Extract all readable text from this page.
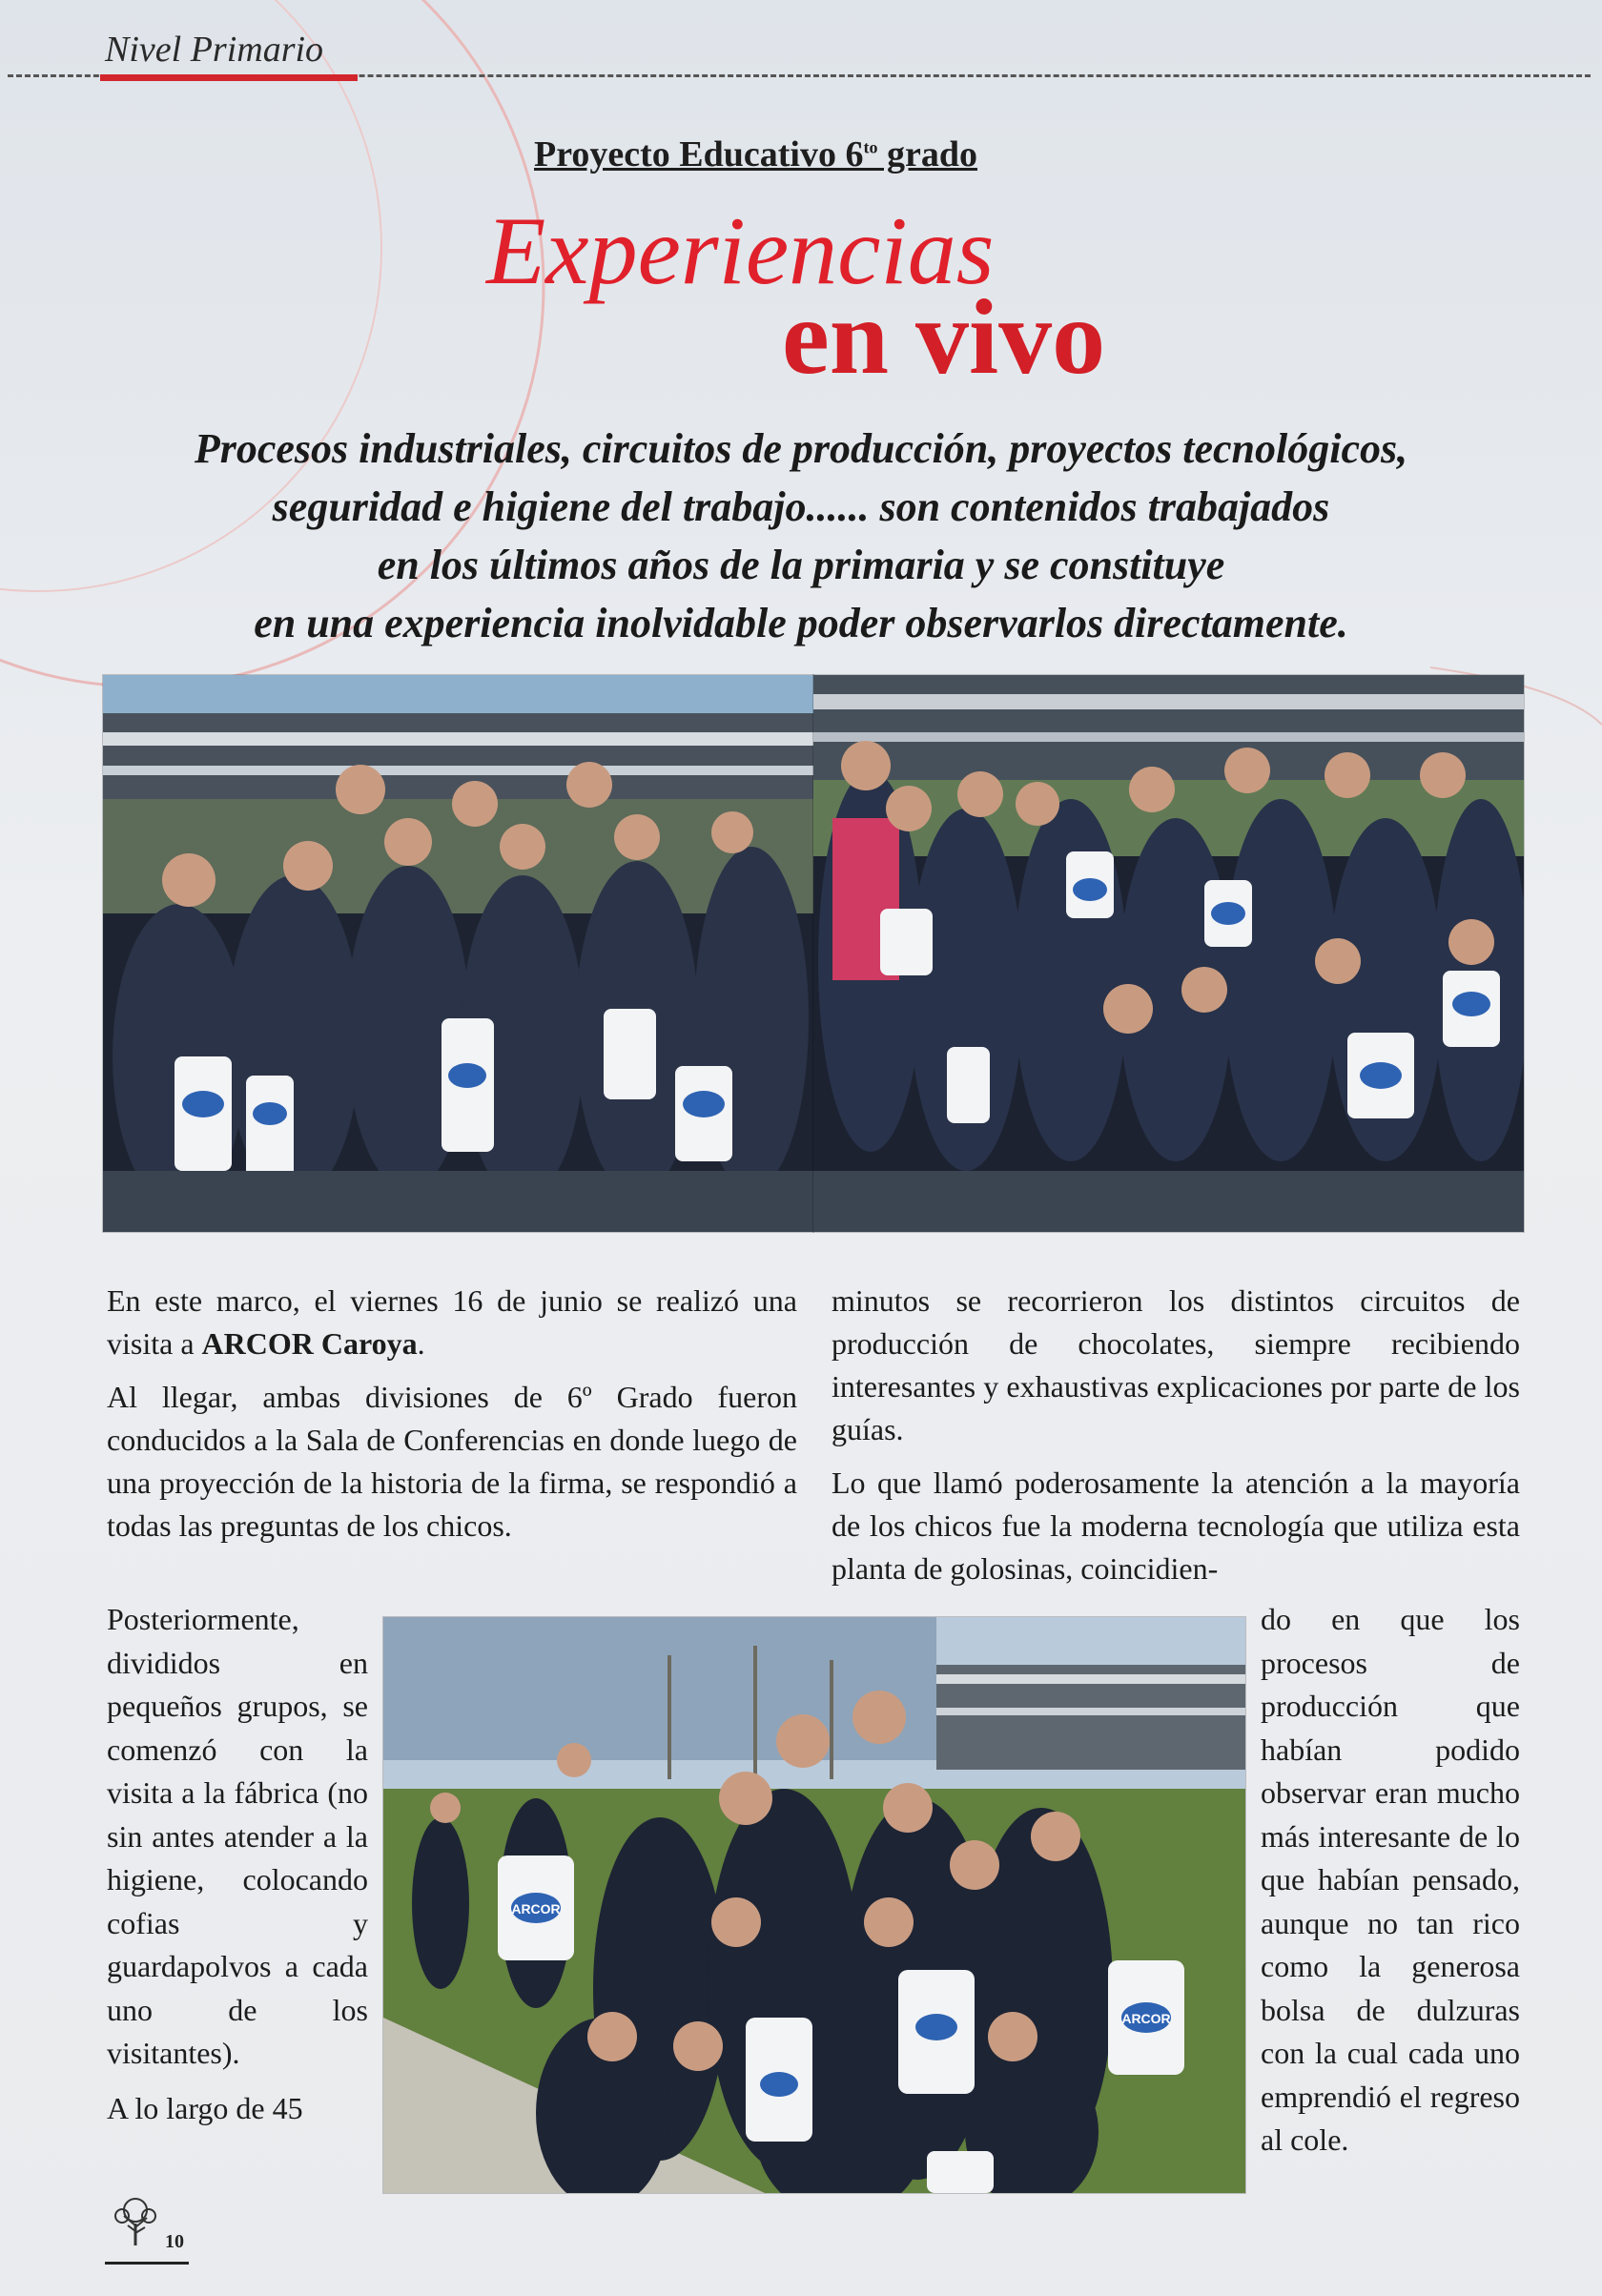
Nivel Primario
Proyecto Educativo $6^{to}$ grado
Experiencias
en vivo

Procesos industriales, circuitos de producción, proyectos tecnológicos,

seguridad e higiene del trabajo...... son contenidos trabajados

en los últimos años de la primaria y se constituye

en una experiencia inolvidable poder observarlos directamente.

En este marco, el viernes 16 de junio se realizó una visita a ARCOR Caroya.

Al llegar, ambas divisiones de 6º Grado fueron conducidos a la Sala de Conferencias en donde luego de una proyección de la historia de la firma, se respondió a todas las preguntas de los chicos.

minutos se recorrieron los distintos circuitos de producción de chocolates, siempre recibiendo interesantes y exhaustivas explicaciones por parte de los guías.

Lo que llamó poderosamente la atención a la mayoría de los chicos fue la moderna tecnología que utiliza esta planta de golosinas, coincidien-

Posteriormente, divididos en pequeños grupos, se comenzó con la visita a la fábrica (no sin antes atender a la higiene, colocando cofias y guardapolvos a cada uno de los visitantes).

A lo largo de 45

ARCOR
ARCOR

do en que los procesos de producción que habían podido observar eran mucho más interesante de lo que habían pensado, aunque no tan rico como la generosa bolsa de dulzuras con la cual cada uno emprendió el regreso al cole.

10
